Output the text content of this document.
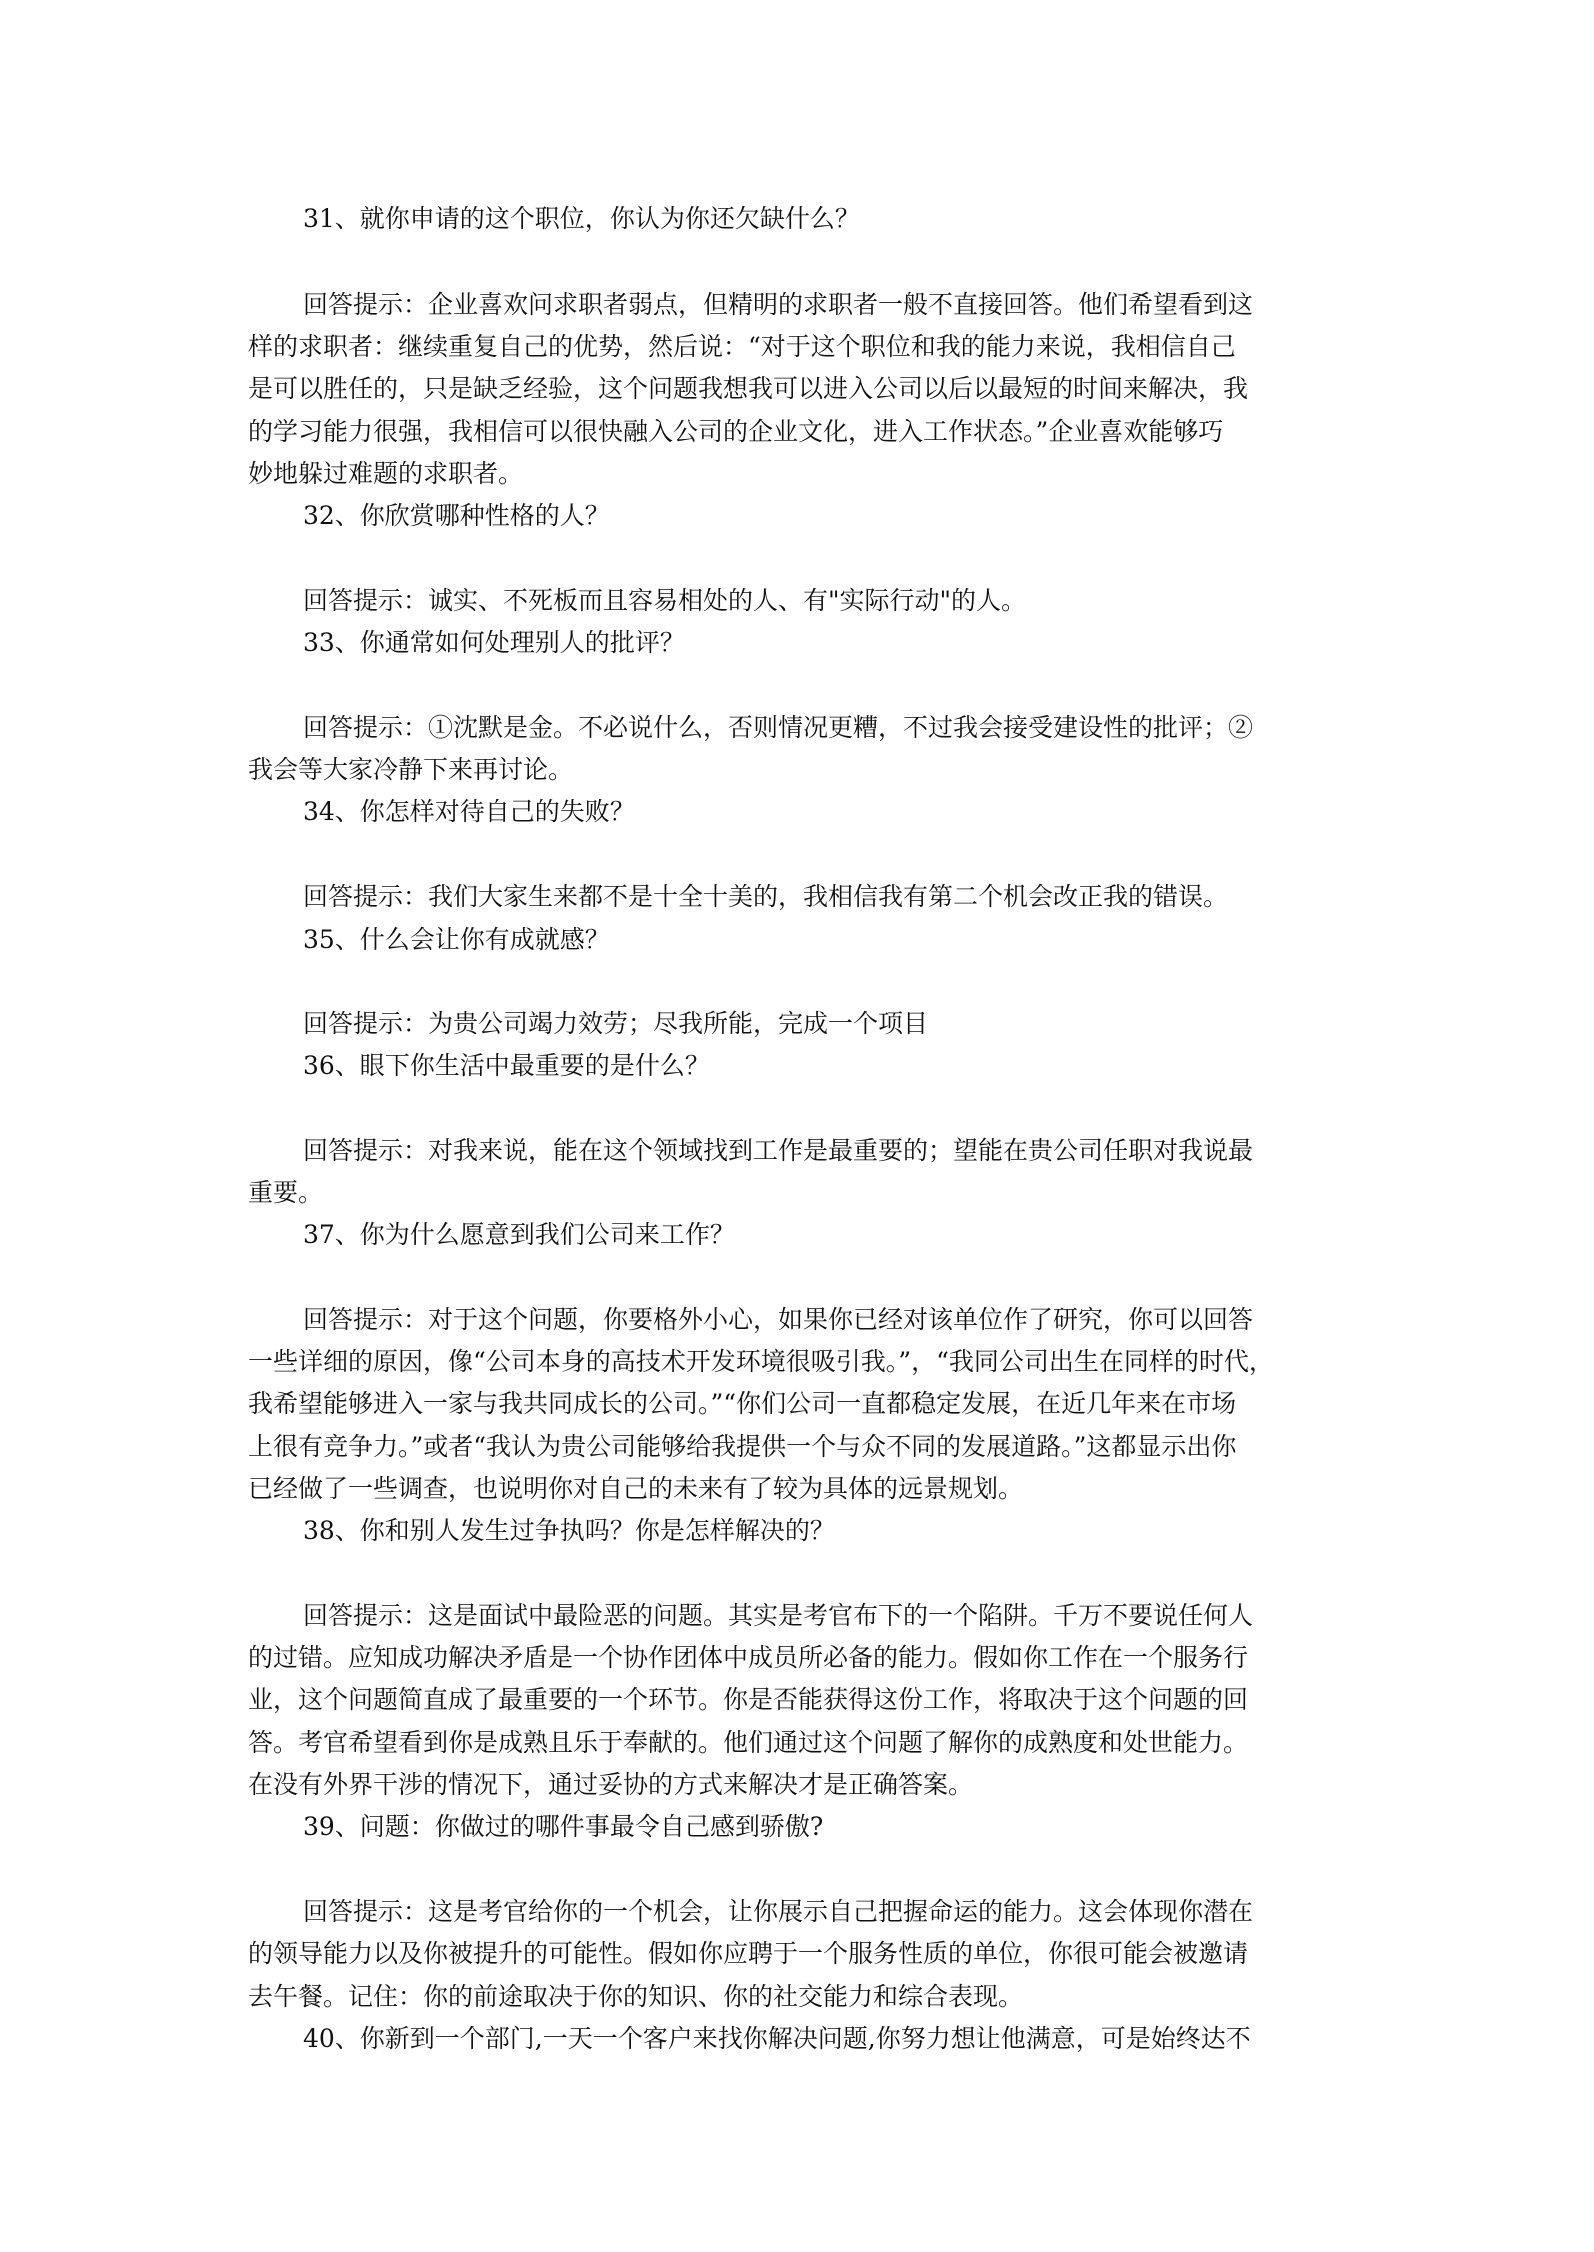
31、就你申请的这个职位，你认为你还欠缺什么？
回答提示：企业喜欢问求职者弱点，但精明的求职者一般不直接回答。他们希望看到这
样的求职者：继续重复自己的优势，然后说：“对于这个职位和我的能力来说，我相信自己
是可以胜任的，只是缺乏经验，这个问题我想我可以进入公司以后以最短的时间来解决，我
的学习能力很强，我相信可以很快融入公司的企业文化，进入工作状态。”企业喜欢能够巧
妙地躲过难题的求职者。
32、你欣赏哪种性格的人？
回答提示：诚实、不死板而且容易相处的人、有"实际行动"的人。
33、你通常如何处理别人的批评？
回答提示：①沈默是金。不必说什么，否则情况更糟，不过我会接受建设性的批评；②
我会等大家冷静下来再讨论。
34、你怎样对待自己的失败？
回答提示：我们大家生来都不是十全十美的，我相信我有第二个机会改正我的错误。
35、什么会让你有成就感？
回答提示：为贵公司竭力效劳；尽我所能，完成一个项目
36、眼下你生活中最重要的是什么？
回答提示：对我来说，能在这个领域找到工作是最重要的；望能在贵公司任职对我说最
重要。
37、你为什么愿意到我们公司来工作？
回答提示：对于这个问题，你要格外小心，如果你已经对该单位作了研究，你可以回答
一些详细的原因，像“公司本身的高技术开发环境很吸引我。”，“我同公司出生在同样的时代，
我希望能够进入一家与我共同成长的公司。”“你们公司一直都稳定发展，在近几年来在市场
上很有竞争力。”或者“我认为贵公司能够给我提供一个与众不同的发展道路。”这都显示出你
已经做了一些调查，也说明你对自己的未来有了较为具体的远景规划。
38、你和别人发生过争执吗？你是怎样解决的？
回答提示：这是面试中最险恶的问题。其实是考官布下的一个陷阱。千万不要说任何人
的过错。应知成功解决矛盾是一个协作团体中成员所必备的能力。假如你工作在一个服务行
业，这个问题简直成了最重要的一个环节。你是否能获得这份工作，将取决于这个问题的回
答。考官希望看到你是成熟且乐于奉献的。他们通过这个问题了解你的成熟度和处世能力。
在没有外界干涉的情况下，通过妥协的方式来解决才是正确答案。
39、问题：你做过的哪件事最令自己感到骄傲?
回答提示：这是考官给你的一个机会，让你展示自己把握命运的能力。这会体现你潜在
的领导能力以及你被提升的可能性。假如你应聘于一个服务性质的单位，你很可能会被邀请
去午餐。记住：你的前途取决于你的知识、你的社交能力和综合表现。
40、你新到一个部门,一天一个客户来找你解决问题,你努力想让他满意，可是始终达不
